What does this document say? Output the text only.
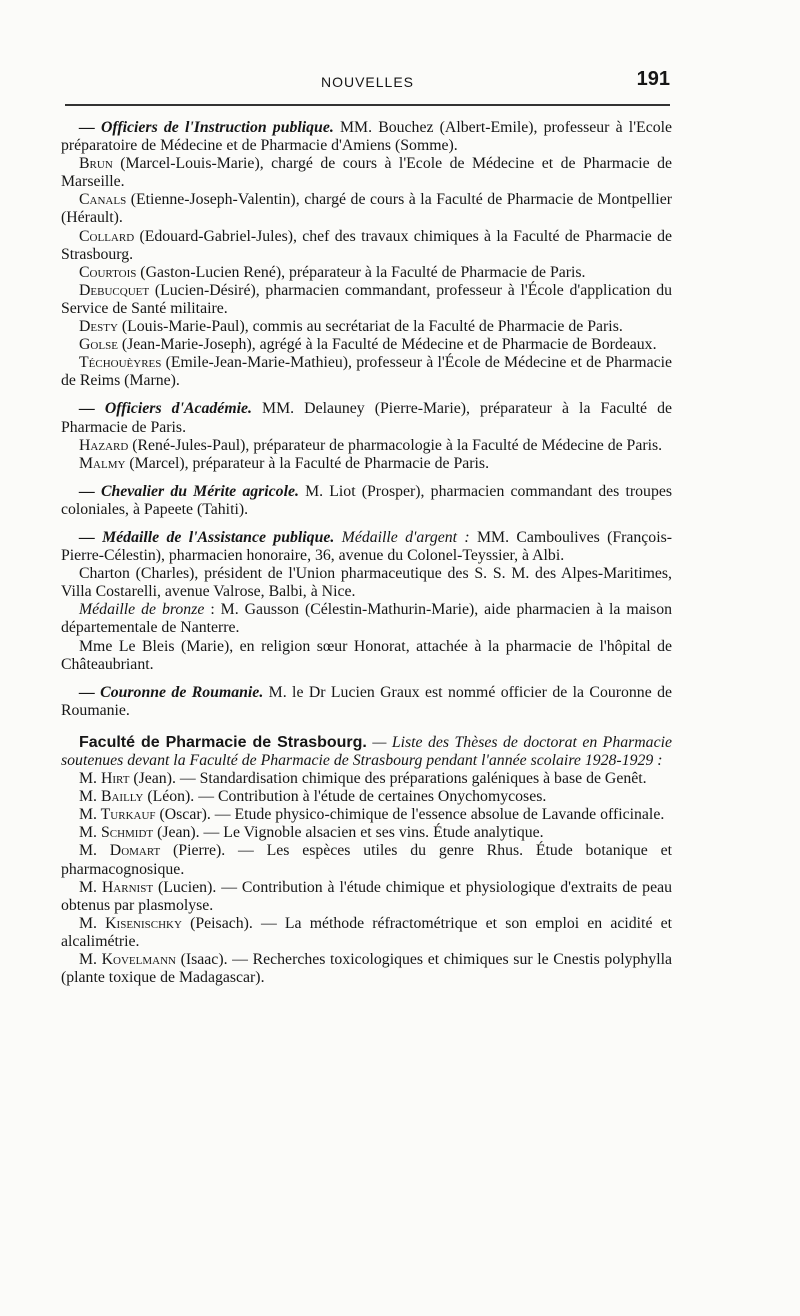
NOUVELLES	191

— Officiers de l'Instruction publique. MM. Bouchez (Albert-Emile), professeur à l'Ecole préparatoire de Médecine et de Pharmacie d'Amiens (Somme).

Brun (Marcel-Louis-Marie), chargé de cours à l'Ecole de Médecine et de Pharmacie de Marseille.

Canals (Etienne-Joseph-Valentin), chargé de cours à la Faculté de Pharmacie de Montpellier (Hérault).

Collard (Edouard-Gabriel-Jules), chef des travaux chimiques à la Faculté de Pharmacie de Strasbourg.

Courtois (Gaston-Lucien René), préparateur à la Faculté de Pharmacie de Paris.

Debucquet (Lucien-Désiré), pharmacien commandant, professeur à l'École d'application du Service de Santé militaire.

Desty (Louis-Marie-Paul), commis au secrétariat de la Faculté de Pharmacie de Paris.

Golse (Jean-Marie-Joseph), agrégé à la Faculté de Médecine et de Pharmacie de Bordeaux.

Téchouèyres (Emile-Jean-Marie-Mathieu), professeur à l'École de Médecine et de Pharmacie de Reims (Marne).

— Officiers d'Académie. MM. Delauney (Pierre-Marie), préparateur à la Faculté de Pharmacie de Paris.

Hazard (René-Jules-Paul), préparateur de pharmacologie à la Faculté de Médecine de Paris.

Malmy (Marcel), préparateur à la Faculté de Pharmacie de Paris.

— Chevalier du Mérite agricole. M. Liot (Prosper), pharmacien commandant des troupes coloniales, à Papeete (Tahiti).

— Médaille de l'Assistance publique. Médaille d'argent : MM. Camboulives (François-Pierre-Célestin), pharmacien honoraire, 36, avenue du Colonel-Teyssier, à Albi.

Charton (Charles), président de l'Union pharmaceutique des S. S. M. des Alpes-Maritimes, Villa Costarelli, avenue Valrose, Balbi, à Nice.

Médaille de bronze : M. Gausson (Célestin-Mathurin-Marie), aide pharmacien à la maison départementale de Nanterre.

Mme Le Bleis (Marie), en religion sœur Honorat, attachée à la pharmacie de l'hôpital de Châteaubriant.

— Couronne de Roumanie. M. le Dr Lucien Graux est nommé officier de la Couronne de Roumanie.

Faculté de Pharmacie de Strasbourg. — Liste des Thèses de doctorat en Pharmacie soutenues devant la Faculté de Pharmacie de Strasbourg pendant l'année scolaire 1928-1929 :

M. Hirt (Jean). — Standardisation chimique des préparations galéniques à base de Genêt.

M. Bailly (Léon). — Contribution à l'étude de certaines Onychomycoses.

M. Turkauf (Oscar). — Etude physico-chimique de l'essence absolue de Lavande officinale.

M. Schmidt (Jean). — Le Vignoble alsacien et ses vins. Étude analytique.

M. Domart (Pierre). — Les espèces utiles du genre Rhus. Étude botanique et pharmacognosique.

M. Harnist (Lucien). — Contribution à l'étude chimique et physiologique d'extraits de peau obtenus par plasmolyse.

M. Kisenischky (Peisach). — La méthode réfractométrique et son emploi en acidité et alcalimétrie.

M. Kovelmann (Isaac). — Recherches toxicologiques et chimiques sur le Cnestis polyphylla (plante toxique de Madagascar).
